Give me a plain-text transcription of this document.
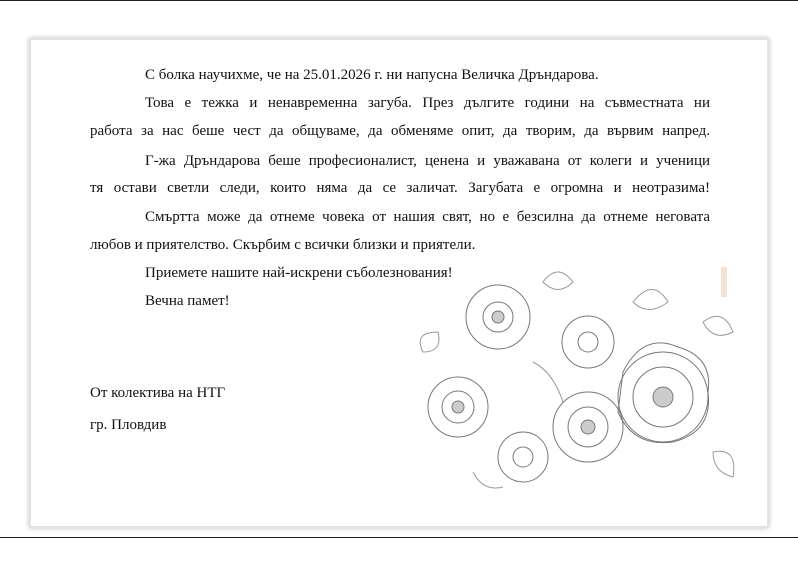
С болка научихме, че на 25.01.2026 г. ни напусна Величка Дръндарова.
Това е тежка и ненавременна загуба. През дългите години на съвместната ни
работа за нас беше чест да общуваме, да обменяме опит, да творим, да вървим напред.
Г-жа Дръндарова беше професионалист, ценена и уважавана от колеги и ученици
тя остави светли следи, които няма да се заличат. Загубата е огромна и неотразима!
Смъртта може да отнеме човека от нашия свят, но е безсилна да отнеме неговата
любов и приятелство. Скърбим с всички близки и приятели.
Приемете нашите най-искрени съболезнования!
Вечна памет!
От колектива на НТГ
гр. Пловдив
